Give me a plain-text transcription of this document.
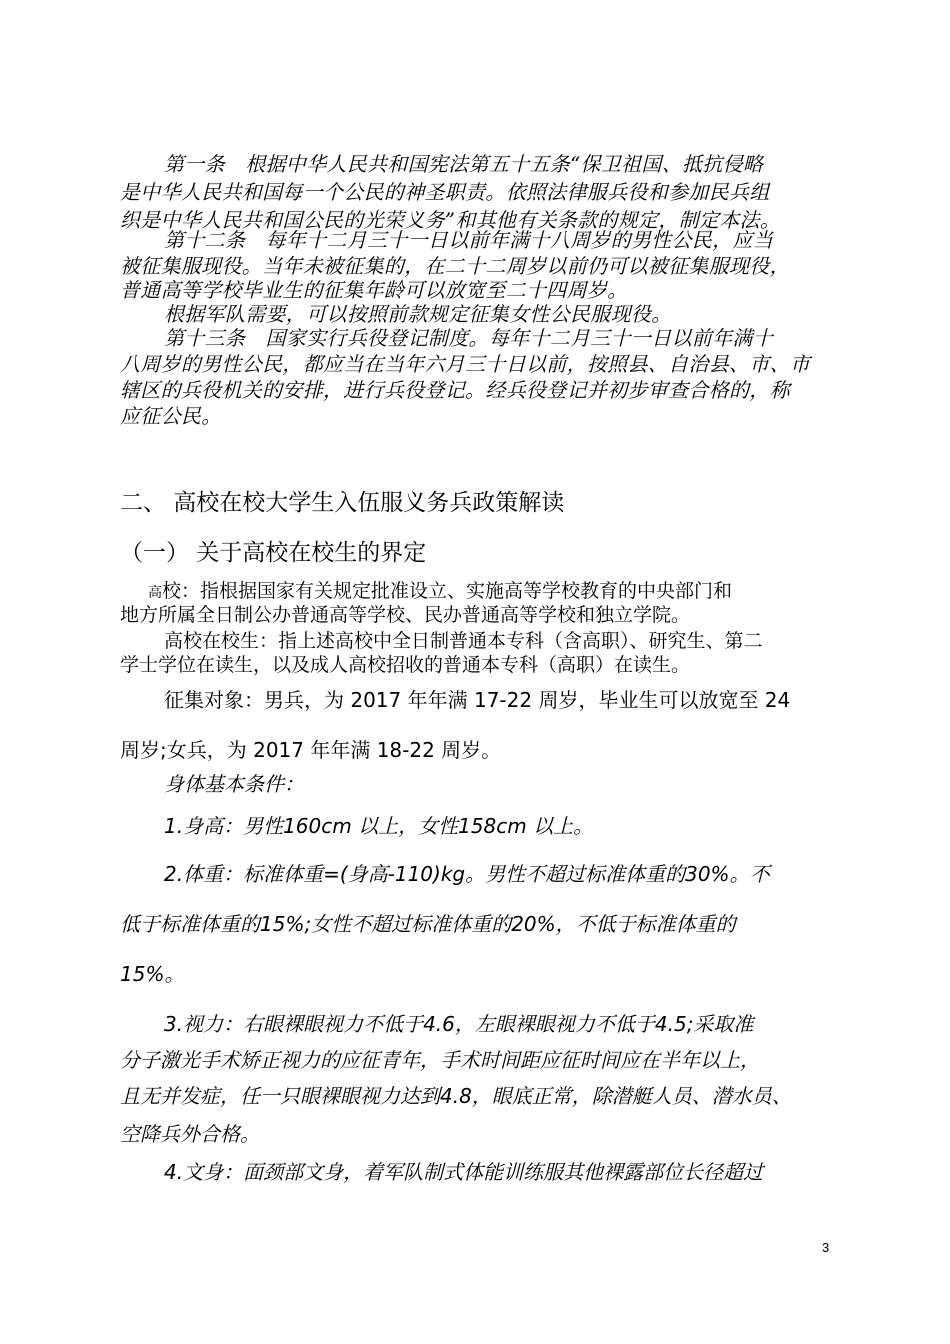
第一条　根据中华人民共和国宪法第五十五条“保卫祖国、抵抗侵略
是中华人民共和国每一个公民的神圣职责。依照法律服兵役和参加民兵组
织是中华人民共和国公民的光荣义务”和其他有关条款的规定，制定本法。
第十二条　每年十二月三十一日以前年满十八周岁的男性公民，应当
被征集服现役。当年未被征集的，在二十二周岁以前仍可以被征集服现役，
普通高等学校毕业生的征集年龄可以放宽至二十四周岁。
根据军队需要，可以按照前款规定征集女性公民服现役。
第十三条　国家实行兵役登记制度。每年十二月三十一日以前年满十
八周岁的男性公民，都应当在当年六月三十日以前，按照县、自治县、市、市
辖区的兵役机关的安排，进行兵役登记。经兵役登记并初步审查合格的，称
应征公民。
二、 高校在校大学生入伍服义务兵政策解读
（一） 关于高校在校生的界定
高校：指根据国家有关规定批准设立、实施高等学校教育的中央部门和
地方所属全日制公办普通高等学校、民办普通高等学校和独立学院。
高校在校生：指上述高校中全日制普通本专科（含高职）、研究生、第二
学士学位在读生，以及成人高校招收的普通本专科（高职）在读生。
征集对象：男兵，为 2017 年年满 17-22 周岁，毕业生可以放宽至 24
周岁;女兵，为 2017 年年满 18-22 周岁。
身体基本条件：
1.身高：男性160cm 以上，女性158cm 以上。
2.体重：标准体重=(身高-110)kg。男性不超过标准体重的30%。不
低于标准体重的15%;女性不超过标准体重的20%，不低于标准体重的
15%。
3.视力：右眼裸眼视力不低于4.6，左眼裸眼视力不低于4.5;采取准
分子激光手术矫正视力的应征青年，手术时间距应征时间应在半年以上，
且无并发症，任一只眼裸眼视力达到4.8，眼底正常，除潜艇人员、潜水员、
空降兵外合格。
4.文身：面颈部文身，着军队制式体能训练服其他裸露部位长径超过
3
